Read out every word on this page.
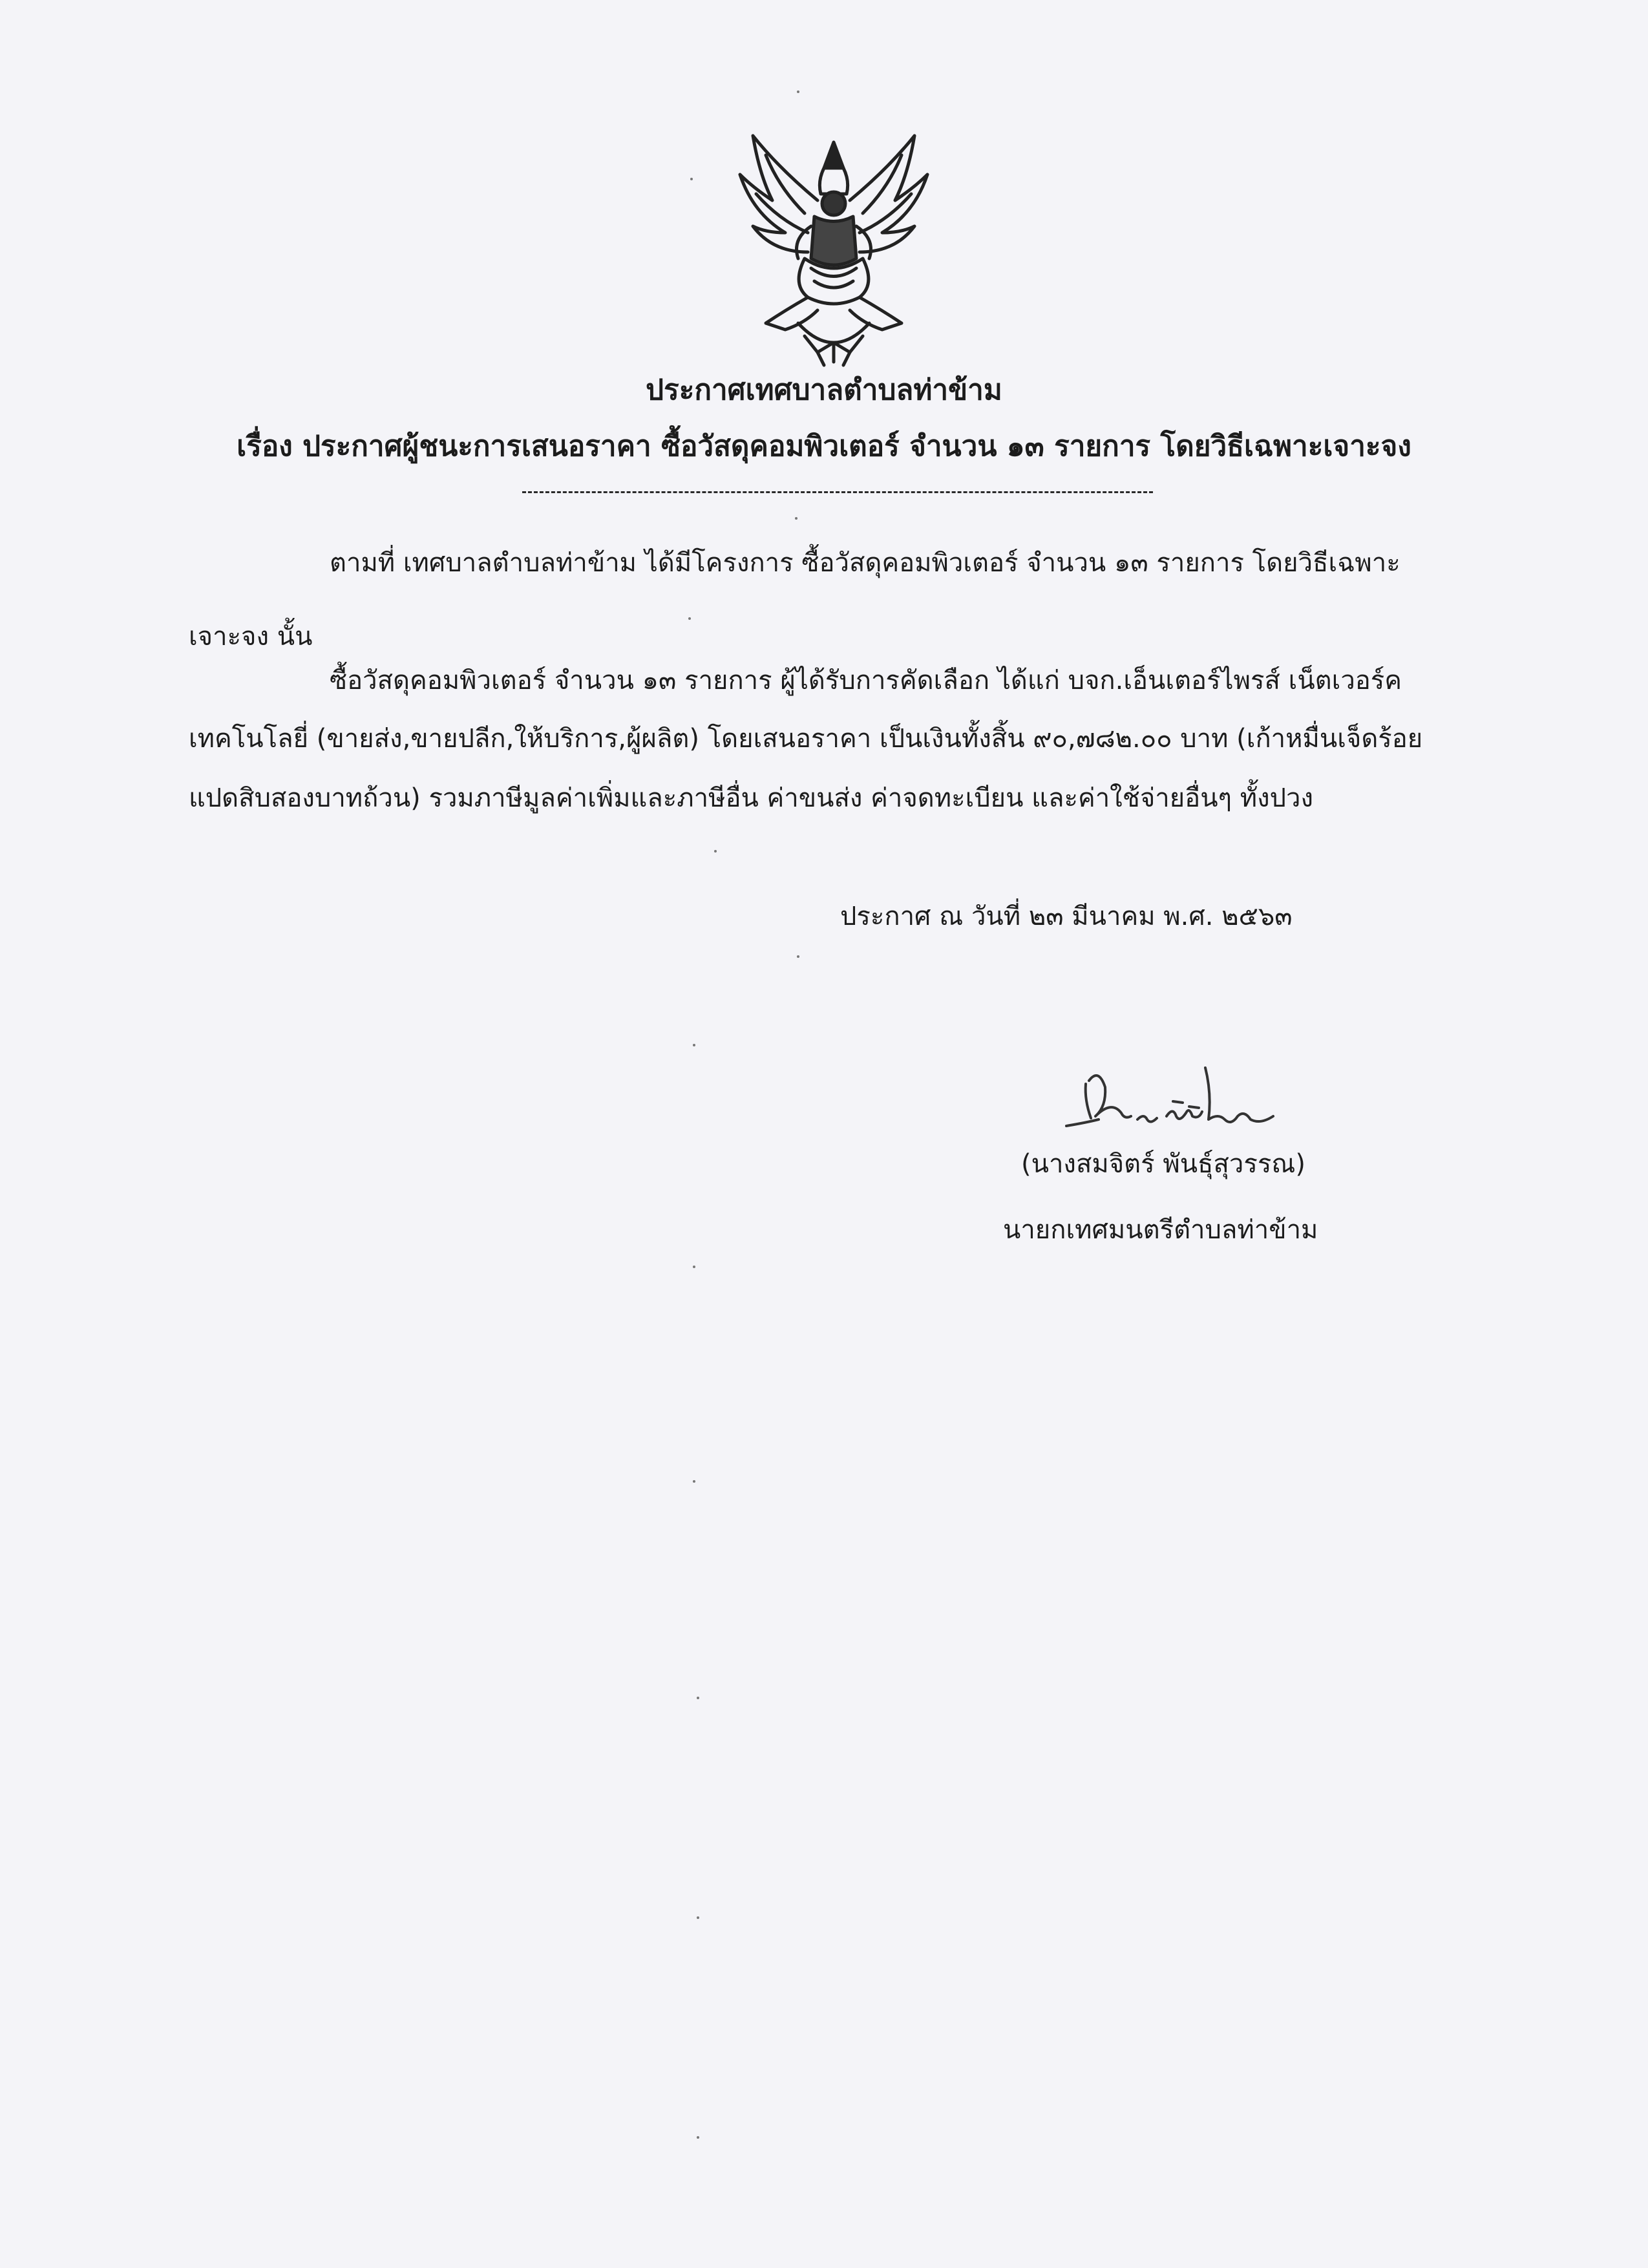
ประกาศเทศบาลตำบลท่าข้าม
เรื่อง ประกาศผู้ชนะการเสนอราคา ซื้อวัสดุคอมพิวเตอร์ จำนวน ๑๓ รายการ โดยวิธีเฉพาะเจาะจง
ตามที่ เทศบาลตำบลท่าข้าม ได้มีโครงการ ซื้อวัสดุคอมพิวเตอร์ จำนวน ๑๓ รายการ โดยวิธีเฉพาะ
เจาะจง นั้น
ซื้อวัสดุคอมพิวเตอร์ จำนวน ๑๓ รายการ ผู้ได้รับการคัดเลือก ได้แก่ บจก.เอ็นเตอร์ไพรส์ เน็ตเวอร์ค
เทคโนโลยี่ (ขายส่ง,ขายปลีก,ให้บริการ,ผู้ผลิต) โดยเสนอราคา เป็นเงินทั้งสิ้น ๙๐,๗๘๒.๐๐ บาท (เก้าหมื่นเจ็ดร้อย
แปดสิบสองบาทถ้วน) รวมภาษีมูลค่าเพิ่มและภาษีอื่น ค่าขนส่ง ค่าจดทะเบียน และค่าใช้จ่ายอื่นๆ ทั้งปวง
ประกาศ ณ วันที่ ๒๓ มีนาคม พ.ศ. ๒๕๖๓
(นางสมจิตร์ พันธุ์สุวรรณ)
นายกเทศมนตรีตำบลท่าข้าม
